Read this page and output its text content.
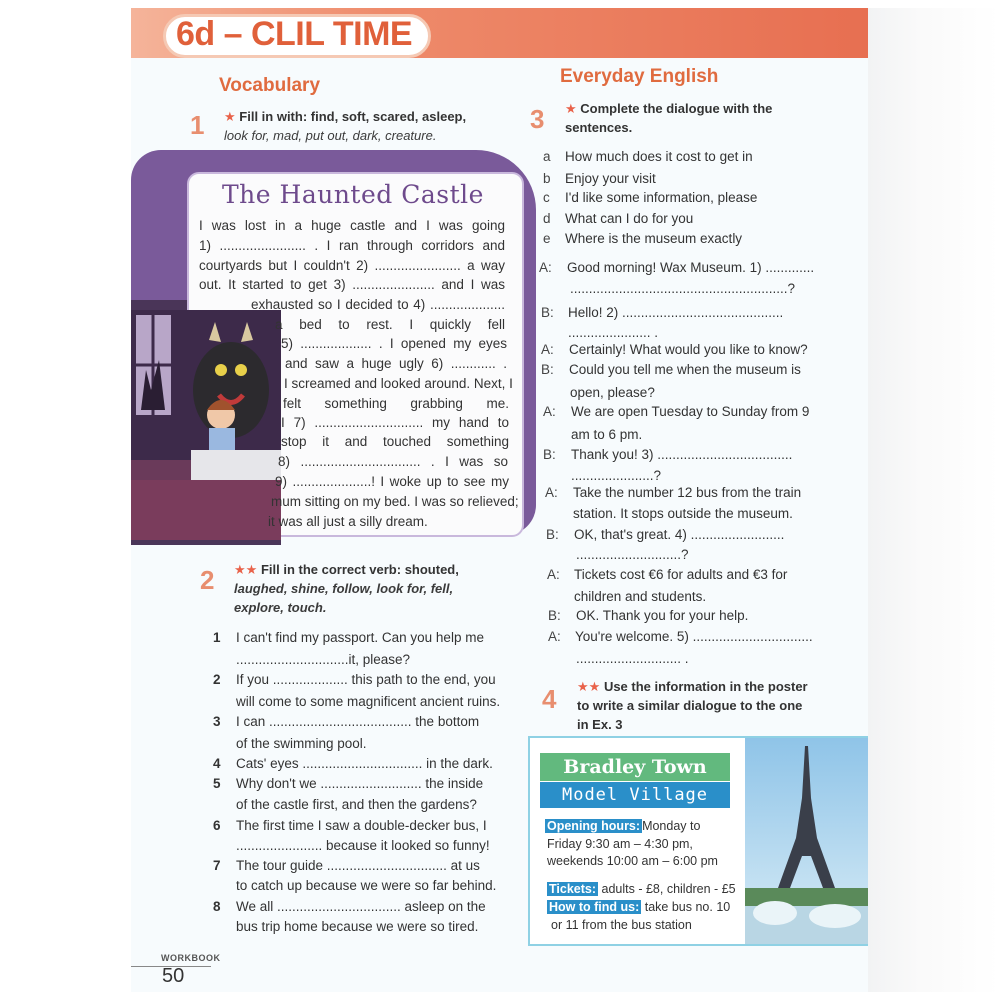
6d – CLIL TIME
Vocabulary
1 ★ Fill in with: find, soft, scared, asleep,
look for, mad, put out, dark, creature.
The Haunted Castle
I was lost in a huge castle and I was going
1) ....................... . I ran through corridors and
courtyards but I couldn't 2) ....................... a way
out. It started to get 3) ...................... and I was
exhausted so I decided to 4) ....................
a bed to rest. I quickly fell
5) ................... . I opened my eyes
and saw a huge ugly 6) ............ .
I screamed and looked around. Next, I
felt something grabbing me.
I 7) ............................. my hand to
stop it and touched something
8) ................................ . I was so
9) .....................! I woke up to see my
mum sitting on my bed. I was so relieved;
it was all just a silly dream.
2 ★★ Fill in the correct verb: shouted,
laughed, shine, follow, look for, fell,
explore, touch.
1 I can't find my passport. Can you help me
..............................it, please?
2 If you .................... this path to the end, you
will come to some magnificent ancient ruins.
3 I can ...................................... the bottom
of the swimming pool.
4 Cats' eyes ................................ in the dark.
5 Why don't we ........................... the inside
of the castle first, and then the gardens?
6 The first time I saw a double-decker bus, I
....................... because it looked so funny!
7 The tour guide ................................ at us
to catch up because we were so far behind.
8 We all ................................. asleep on the
bus trip home because we were so tired.
Everyday English
3 ★ Complete the dialogue with the
sentences.
a How much does it cost to get in
b Enjoy your visit
c I'd like some information, please
d What can I do for you
e Where is the museum exactly
A: Good morning! Wax Museum. 1) .............
..........................................................?
B: Hello! 2) ...........................................
...................... .
A: Certainly! What would you like to know?
B: Could you tell me when the museum is
open, please?
A: We are open Tuesday to Sunday from 9
am to 6 pm.
B: Thank you! 3) ....................................
......................?
A: Take the number 12 bus from the train
station. It stops outside the museum.
B: OK, that's great. 4) .........................
............................?
A: Tickets cost €6 for adults and €3 for
children and students.
B: OK. Thank you for your help.
A: You're welcome. 5) ................................
............................ .
4 ★★ Use the information in the poster
to write a similar dialogue to the one
in Ex. 3
Bradley Town
Model Village
Opening hours: Monday to
Friday 9:30 am – 4:30 pm,
weekends 10:00 am – 6:00 pm
Tickets: adults - £8, children - £5
How to find us: take bus no. 10
or 11 from the bus station
WORKBOOK
50
